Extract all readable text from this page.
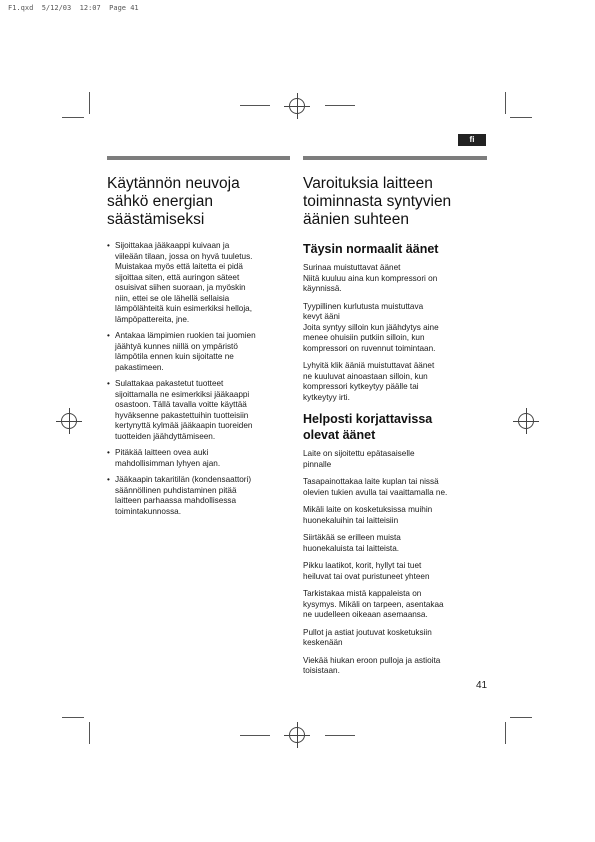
F1.qxd  5/12/03  12:07  Page 41
fi
Käytännön neuvoja
sähkö energian
säästämiseksi
• Sijoittakaa jääkaappi kuivaan ja
viileään tilaan, jossa on hyvä tuuletus.
Muistakaa myös että laitetta ei pidä
sijoittaa siten, että auringon säteet
osuisivat siihen suoraan, ja myöskin
niin, ettei se ole lähellä sellaisia
lämpölähteitä kuin esimerkiksi helloja,
lämpöpattereita, jne.
• Antakaa lämpimien ruokien tai juomien
jäähtyä kunnes niillä on ympäristö
lämpötila ennen kuin sijoitatte ne
pakastimeen.
• Sulattakaa pakastetut tuotteet
sijoittamalla ne esimerkiksi jääkaappi
osastoon. Tällä tavalla voitte käyttää
hyväksenne pakastettuihin tuotteisiin
kertynyttä kylmää jääkaapin tuoreiden
tuotteiden jäähdyttämiseen.
• Pitäkää laitteen ovea auki
mahdollisimman lyhyen ajan.
• Jääkaapin takaritilän (kondensaattori)
säännöllinen puhdistaminen pitää
laitteen parhaassa mahdollisessa
toimintakunnossa.
Varoituksia laitteen
toiminnasta syntyvien
äänien suhteen
Täysin normaalit äänet

Surinaa muistuttavat äänet
Niitä kuuluu aina kun kompressori on
käynnissä.

Tyypillinen kurlutusta muistuttava
kevyt ääni
Joita syntyy silloin kun jäähdytys aine
menee ohuisiin putkiin silloin, kun
kompressori on ruvennut toimintaan.

Lyhyitä klik ääniä muistuttavat äänet
ne kuuluvat ainoastaan silloin, kun
kompressori kytkeytyy päälle tai
kytkeytyy irti.

Helposti korjattavissa
olevat äänet

Laite on sijoitettu epätasaiselle
pinnalle

Tasapainottakaa laite kuplan tai nissä
olevien tukien avulla tai vaaittamalla ne.

Mikäli laite on kosketuksissa muihin
huonekaluihin tai laitteisiin

Siirtäkää se erilleen muista
huonekaluista tai laitteista.

Pikku laatikot, korit, hyllyt tai tuet
heiluvat tai ovat puristuneet yhteen

Tarkistakaa mistä kappaleista on
kysymys. Mikäli on tarpeen, asentakaa
ne uudelleen oikeaan asemaansa.

Pullot ja astiat joutuvat kosketuksiin
keskenään

Viekää hiukan eroon pulloja ja astioita
toisistaan.

41
